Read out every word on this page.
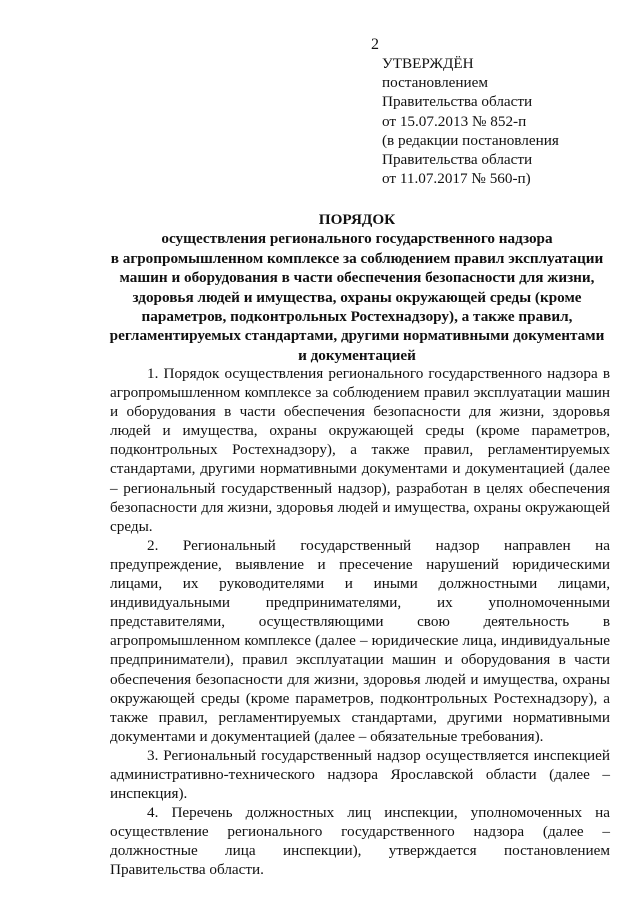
2
УТВЕРЖДЁН
постановлением
Правительства области
от 15.07.2013 № 852-п
(в редакции постановления
Правительства области
от 11.07.2017 № 560-п)
ПОРЯДОК
осуществления регионального государственного надзора
в агропромышленном комплексе за соблюдением правил эксплуатации
машин и оборудования в части обеспечения безопасности для жизни,
здоровья людей и имущества, охраны окружающей среды (кроме
параметров, подконтрольных Ростехнадзору), а также правил,
регламентируемых стандартами, другими нормативными документами
и документацией

1. Порядок осуществления регионального государственного надзора в агропромышленном комплексе за соблюдением правил эксплуатации машин и оборудования в части обеспечения безопасности для жизни, здоровья людей и имущества, охраны окружающей среды (кроме параметров, подконтрольных Ростехнадзору), а также правил, регламентируемых стандартами, другими нормативными документами и документацией (далее – региональный государственный надзор), разработан в целях обеспечения безопасности для жизни, здоровья людей и имущества, охраны окружающей среды.

2. Региональный государственный надзор направлен на предупреждение, выявление и пресечение нарушений юридическими лицами, их руководителями и иными должностными лицами, индивидуальными предпринимателями, их уполномоченными представителями, осуществляющими свою деятельность в агропромышленном комплексе (далее – юридические лица, индивидуальные предприниматели), правил эксплуатации машин и оборудования в части обеспечения безопасности для жизни, здоровья людей и имущества, охраны окружающей среды (кроме параметров, подконтрольных Ростехнадзору), а также правил, регламентируемых стандартами, другими нормативными документами и документацией (далее – обязательные требования).

3. Региональный государственный надзор осуществляется инспекцией административно-технического надзора Ярославской области (далее – инспекция).

4. Перечень должностных лиц инспекции, уполномоченных на осуществление регионального государственного надзора (далее – должностные лица инспекции), утверждается постановлением Правительства области.
